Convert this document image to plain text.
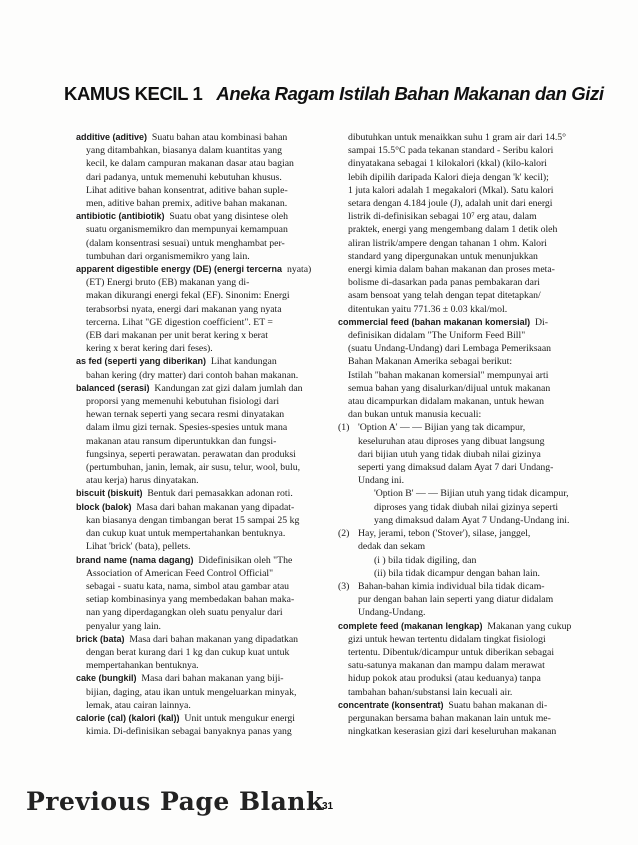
KAMUS KECIL 1 Aneka Ragam Istilah Bahan Makanan dan Gizi

additive (aditive) Suatu bahan atau kombinasi bahan
yang ditambahkan, biasanya dalam kuantitas yang
kecil, ke dalam campuran makanan dasar atau bagian
dari padanya, untuk memenuhi kebutuhan khusus.
Lihat aditive bahan konsentrat, aditive bahan suple-
men, aditive bahan premix, aditive bahan makanan.

antibiotic (antibiotik) Suatu obat yang disintese oleh
suatu organismemikro dan mempunyai kemampuan
(dalam konsentrasi sesuai) untuk menghambat per-
tumbuhan dari organismemikro yang lain.

apparent digestible energy (DE) (energi tercerna nyata) (ET) Energi bruto (EB) makanan yang di-
makan dikurangi energi fekal (EF). Sinonim: Energi
terabsorbsi nyata, energi dari makanan yang nyata
tercerna. Lihat "GE digestion coefficient". ET =
(EB dari makanan per unit berat kering x berat
kering x berat kering dari feses).

as fed (seperti yang diberikan) Lihat kandungan
bahan kering (dry matter) dari contoh bahan makanan.

balanced (serasi) Kandungan zat gizi dalam jumlah dan
proporsi yang memenuhi kebutuhan fisiologi dari
hewan ternak seperti yang secara resmi dinyatakan
dalam ilmu gizi ternak. Spesies-spesies untuk mana
makanan atau ransum diperuntukkan dan fungsi-
fungsinya, seperti perawatan. perawatan dan produksi
(pertumbuhan, janin, lemak, air susu, telur, wool, bulu,
atau kerja) harus dinyatakan.

biscuit (biskuit) Bentuk dari pemasakkan adonan roti.

block (balok) Masa dari bahan makanan yang dipadat-
kan biasanya dengan timbangan berat 15 sampai 25 kg
dan cukup kuat untuk mempertahankan bentuknya.
Lihat 'brick' (bata), pellets.

brand name (nama dagang) Didefinisikan oleh "The
Association of American Feed Control Official"
sebagai - suatu kata, nama, simbol atau gambar atau
setiap kombinasinya yang membedakan bahan maka-
nan yang diperdagangkan oleh suatu penyalur dari
penyalur yang lain.

brick (bata) Masa dari bahan makanan yang dipadatkan
dengan berat kurang dari 1 kg dan cukup kuat untuk
mempertahankan bentuknya.

cake (bungkil) Masa dari bahan makanan yang biji-
bijian, daging, atau ikan untuk mengeluarkan minyak,
lemak, atau cairan lainnya.

calorie (cal) (kalori (kal)) Unit untuk mengukur energi
kimia. Di-definisikan sebagai banyaknya panas yang

dibutuhkan untuk menaikkan suhu 1 gram air dari 14.5°
sampai 15.5°C pada tekanan standard - Seribu kalori
dinyatakana sebagai 1 kilokalori (kkal) (kilo-kalori
lebih dipilih daripada Kalori dieja dengan 'k' kecil);
1 juta kalori adalah 1 megakalori (Mkal). Satu kalori
setara dengan 4.184 joule (J), adalah unit dari energi
listrik di-definisikan sebagai 10⁷ erg atau, dalam
praktek, energi yang mengembang dalam 1 detik oleh
aliran listrik/ampere dengan tahanan 1 ohm. Kalori
standard yang dipergunakan untuk menunjukkan
energi kimia dalam bahan makanan dan proses meta-
bolisme di-dasarkan pada panas pembakaran dari
asam bensoat yang telah dengan tepat ditetapkan/
ditentukan yaitu 771.36 ± 0.03 kkal/mol.

commercial feed (bahan makanan komersial) Di-
definisikan didalam "The Uniform Feed Bill"
(suatu Undang-Undang) dari Lembaga Pemeriksaan
Bahan Makanan Amerika sebagai berikut:
Istilah "bahan makanan komersial" mempunyai arti
semua bahan yang disalurkan/dijual untuk makanan
atau dicampurkan didalam makanan, untuk hewan
dan bukan untuk manusia kecuali:

(1) 'Option A' — — Bijian yang tak dicampur,
keseluruhan atau diproses yang dibuat langsung
dari bijian utuh yang tidak diubah nilai gizinya
seperti yang dimaksud dalam Ayat 7 dari Undang-
Undang ini.
'Option B' — — Bijian utuh yang tidak dicampur,
diproses yang tidak diubah nilai gizinya seperti
yang dimaksud dalam Ayat 7 Undang-Undang ini.
(2) Hay, jerami, tebon ('Stover'), silase, janggel,
dedak dan sekam
(i ) bila tidak digiling, dan
(ii) bila tidak dicampur dengan bahan lain.
(3) Bahan-bahan kimia individual bila tidak dicam-
pur dengan bahan lain seperti yang diatur didalam
Undang-Undang.

complete feed (makanan lengkap) Makanan yang cukup
gizi untuk hewan tertentu didalam tingkat fisiologi
tertentu. Dibentuk/dicampur untuk diberikan sebagai
satu-satunya makanan dan mampu dalam merawat
hidup pokok atau produksi (atau keduanya) tanpa
tambahan bahan/substansi lain kecuali air.

concentrate (konsentrat) Suatu bahan makanan di-
pergunakan bersama bahan makanan lain untuk me-
ningkatkan keserasian gizi dari keseluruhan makanan

Previous Page Blank
31
